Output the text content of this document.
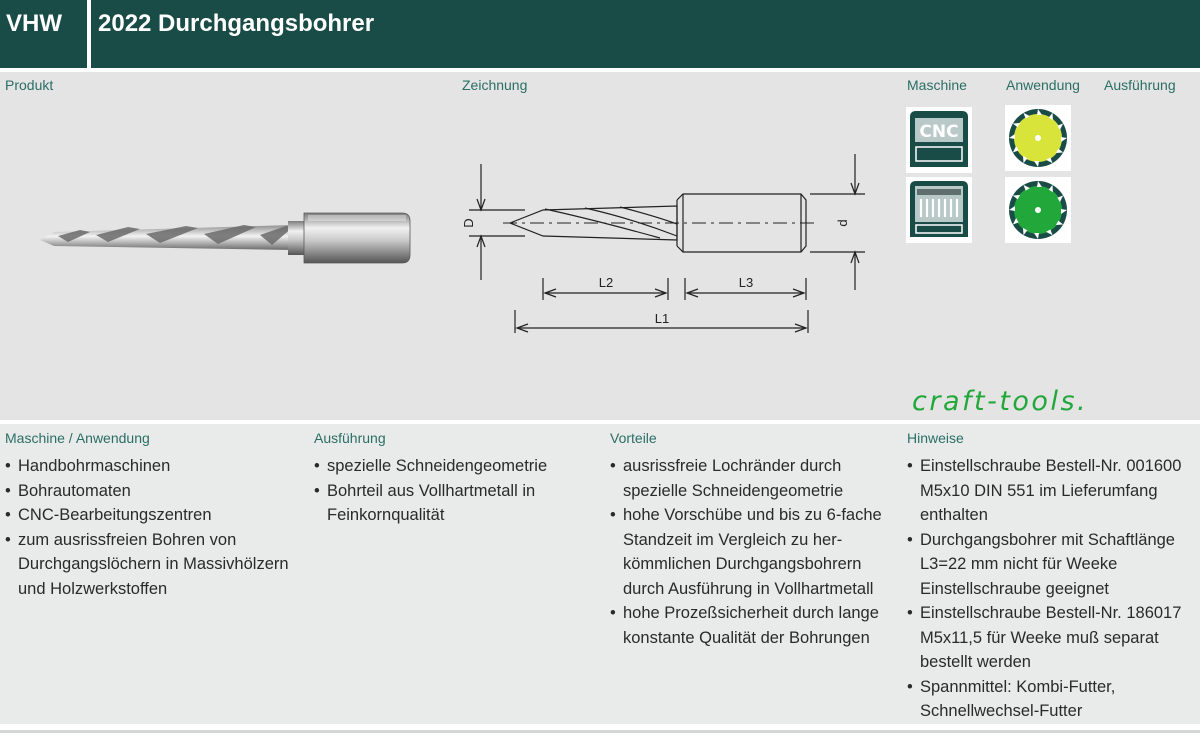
VHW 2022 Durchgangsbohrer
Produkt	Zeichnung	Maschine	Anwendung Ausführung
D	d
L2	L3
L1
CNC
craft-tools.
Maschine / Anwendung	Ausführung	Vorteile	Hinweise
• Handbohrmaschinen
• Bohrautomaten
• CNC-Bearbeitungszentren
• zum ausrissfreien Bohren von Durchgangslöchern in Massivhölzern und Holzwerkstoffen
• spezielle Schneidengeometrie
• Bohrteil aus Vollhartmetall in Feinkornqualität
• ausrissfreie Lochränder durch spezielle Schneidengeometrie
• hohe Vorschübe und bis zu 6-fache Standzeit im Vergleich zu herkömmlichen Durchgangsbohrern durch Ausführung in Vollhartmetall
• hohe Prozeßsicherheit durch lange konstante Qualität der Bohrungen
• Einstellschraube Bestell-Nr. 001600 M5x10 DIN 551 im Lieferumfang enthalten
• Durchgangsbohrer mit Schaftlänge L3=22 mm nicht für Weeke Einstellschraube geeignet
• Einstellschraube Bestell-Nr. 186017 M5x11,5 für Weeke muß separat bestellt werden
• Spannmittel: Kombi-Futter, Schnellwechsel-Futter
